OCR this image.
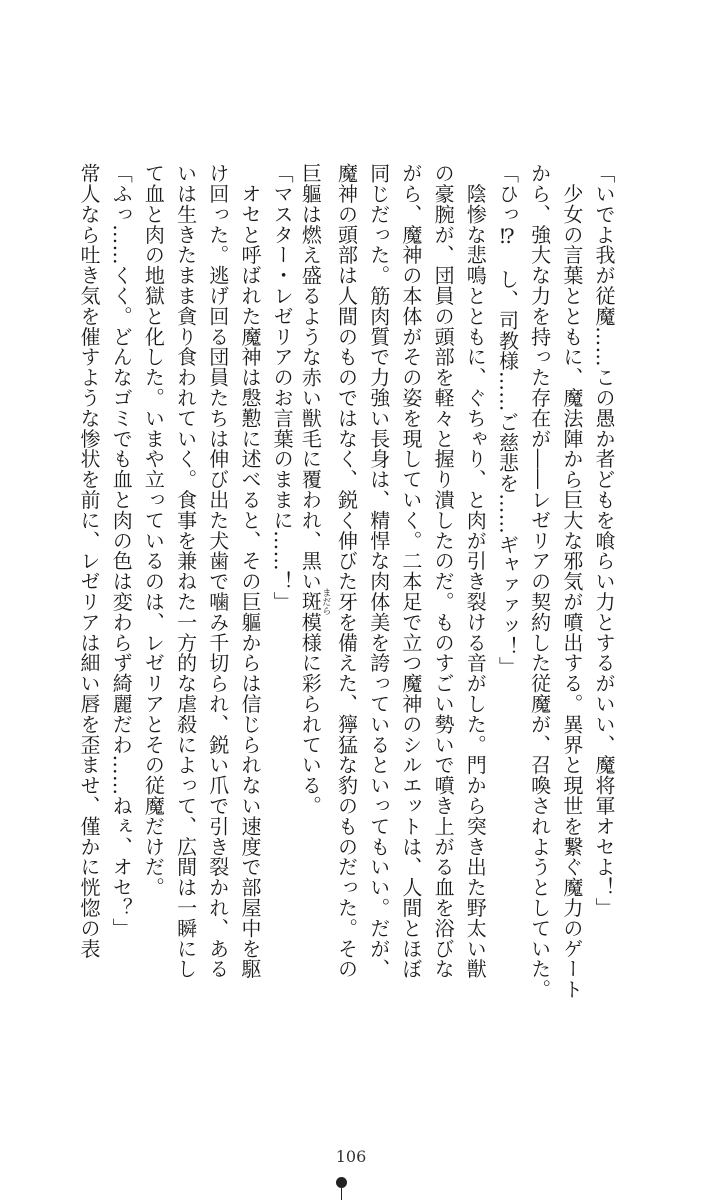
「いでよ我が従魔……この愚か者どもを喰らい力とするがいい、魔将軍オセよ！」
　少女の言葉とともに、魔法陣から巨大な邪気が噴出する。異界と現世を繋ぐ魔力のゲート
から、強大な力を持った存在が――レゼリアの契約した従魔が、召喚されようとしていた。
「ひっ⁉　し、司教様……ご慈悲を……ギャァァッ！」
　陰惨な悲鳴とともに、ぐちゃり、と肉が引き裂ける音がした。門から突き出た野太い獣
の豪腕が、団員の頭部を軽々と握り潰したのだ。ものすごい勢いで噴き上がる血を浴びな
がら、魔神の本体がその姿を現していく。二本足で立つ魔神のシルエットは、人間とほぼ
同じだった。筋肉質で力強い長身は、精悍な肉体美を誇っているといってもいい。だが、
魔神の頭部は人間のものではなく、鋭く伸びた牙を備えた、獰猛な豹のものだった。その
巨軀は燃え盛るような赤い獣毛に覆われ、黒い斑まだら模様に彩られている。
「マスター・レゼリアのお言葉のままに……！」
　オセと呼ばれた魔神は慇懃に述べると、その巨軀からは信じられない速度で部屋中を駆
け回った。逃げ回る団員たちは伸び出た犬歯で噛み千切られ、鋭い爪で引き裂かれ、ある
いは生きたまま貪り食われていく。食事を兼ねた一方的な虐殺によって、広間は一瞬にし
て血と肉の地獄と化した。いまや立っているのは、レゼリアとその従魔だけだ。
「ふっ……くく。どんなゴミでも血と肉の色は変わらず綺麗だわ……ねぇ、オセ？」
常人なら吐き気を催すような惨状を前に、レゼリアは細い唇を歪ませ、僅かに恍惚の表
106
